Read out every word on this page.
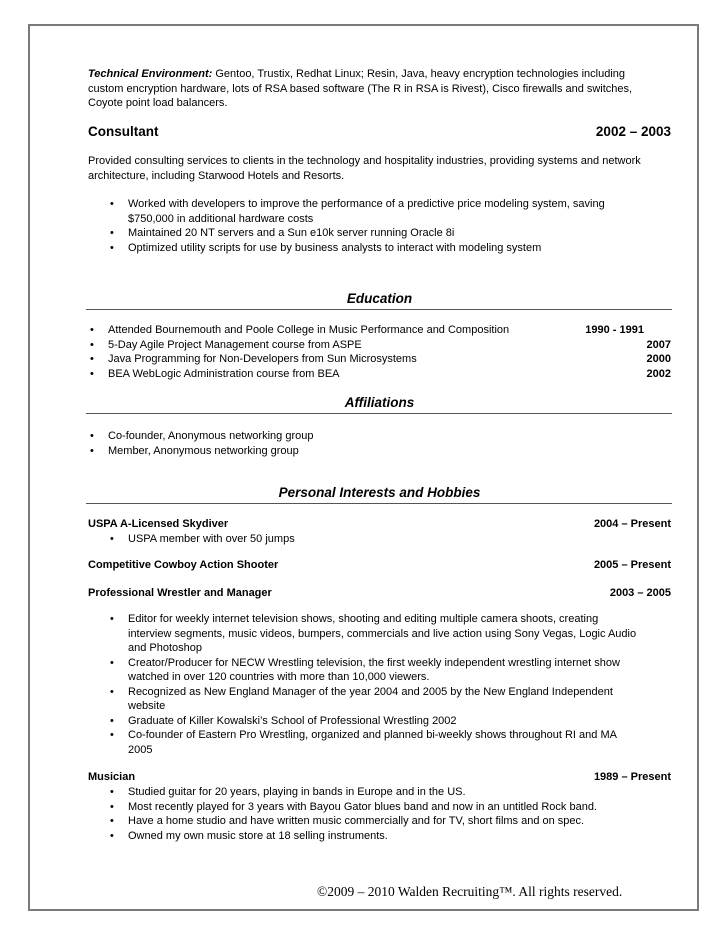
Technical Environment: Gentoo, Trustix, Redhat Linux; Resin, Java, heavy encryption technologies including custom encryption hardware, lots of RSA based software (The R in RSA is Rivest), Cisco firewalls and switches, Coyote point load balancers.
Consultant	2002 – 2003
Provided consulting services to clients in the technology and hospitality industries, providing systems and network architecture, including Starwood Hotels and Resorts.
• Worked with developers to improve the performance of a predictive price modeling system, saving $750,000 in additional hardware costs
• Maintained 20 NT servers and a Sun e10k server running Oracle 8i
• Optimized utility scripts for use by business analysts to interact with modeling system
Education
• Attended Bournemouth and Poole College in Music Performance and Composition	1990 - 1991
• 5-Day Agile Project Management course from ASPE	2007
• Java Programming for Non-Developers from Sun Microsystems	2000
• BEA WebLogic Administration course from BEA	2002
Affiliations
• Co-founder, Anonymous networking group
• Member, Anonymous networking group
Personal Interests and Hobbies
USPA A-Licensed Skydiver	2004 – Present
• USPA member with over 50 jumps
Competitive Cowboy Action Shooter	2005 – Present
Professional Wrestler and Manager	2003 – 2005
• Editor for weekly internet television shows, shooting and editing multiple camera shoots, creating interview segments, music videos, bumpers, commercials and live action using Sony Vegas, Logic Audio and Photoshop
• Creator/Producer for NECW Wrestling television, the first weekly independent wrestling internet show watched in over 120 countries with more than 10,000 viewers.
• Recognized as New England Manager of the year 2004 and 2005 by the New England Independent website
• Graduate of Killer Kowalski’s School of Professional Wrestling 2002
• Co-founder of Eastern Pro Wrestling, organized and planned bi-weekly shows throughout RI and MA 2005
Musician	1989 – Present
• Studied guitar for 20 years, playing in bands in Europe and in the US.
• Most recently played for 3 years with Bayou Gator blues band and now in an untitled Rock band.
• Have a home studio and have written music commercially and for TV, short films and on spec.
• Owned my own music store at 18 selling instruments.
©2009 – 2010 Walden Recruiting™. All rights reserved.
